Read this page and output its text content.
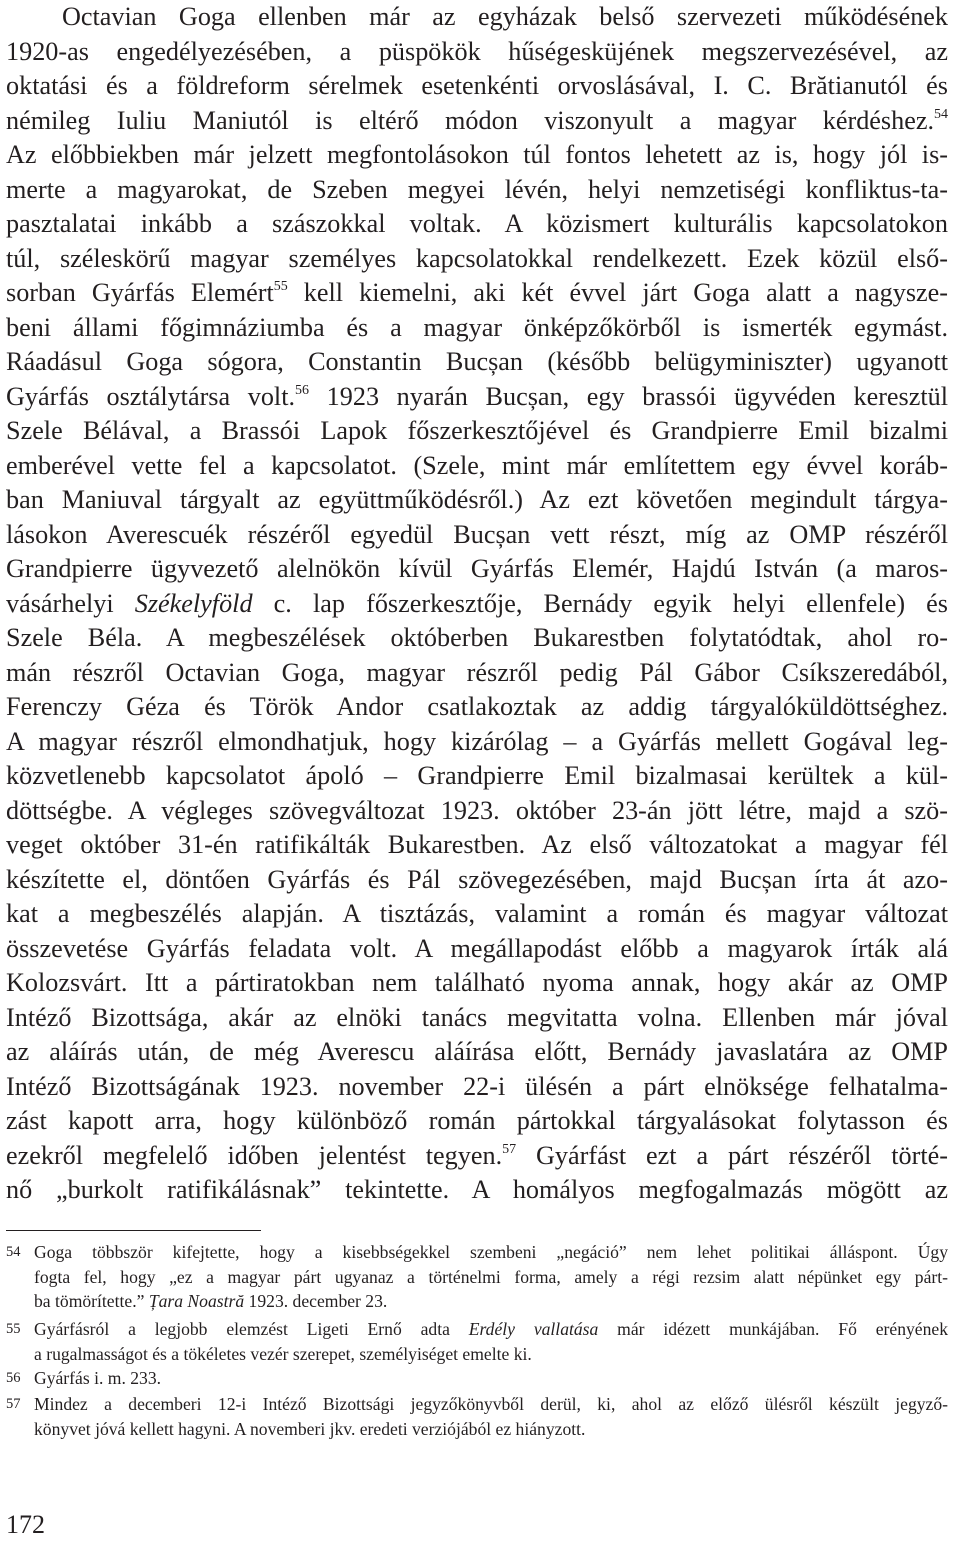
Octavian Goga ellenben már az egyházak belső szervezeti működésének
1920-as engedélyezésében, a püspökök hűségesküjének megszervezésével, az
oktatási és a földreform sérelmek esetenkénti orvoslásával, I. C. Brătianutól és
némileg Iuliu Maniutól is eltérő módon viszonyult a magyar kérdéshez.$^{54}$
Az előbbiekben már jelzett megfontolásokon túl fontos lehetett az is, hogy jól is-
merte a magyarokat, de Szeben megyei lévén, helyi nemzetiségi konfliktus-ta-
pasztalatai inkább a szászokkal voltak. A közismert kulturális kapcsolatokon
túl, széleskörű magyar személyes kapcsolatokkal rendelkezett. Ezek közül első-
sorban Gyárfás Elemért$^{55}$ kell kiemelni, aki két évvel járt Goga alatt a nagysze-
beni állami főgimnáziumba és a magyar önképzőkörből is ismerték egymást.
Ráadásul Goga sógora, Constantin Bucșan (később belügyminiszter) ugyanott
Gyárfás osztálytársa volt.$^{56}$ 1923 nyarán Bucșan, egy brassói ügyvéden keresztül
Szele Bélával, a Brassói Lapok főszerkesztőjével és Grandpierre Emil bizalmi
emberével vette fel a kapcsolatot. (Szele, mint már említettem egy évvel koráb-
ban Maniuval tárgyalt az együttműködésről.) Az ezt követően megindult tárgya-
lásokon Averescuék részéről egyedül Bucșan vett részt, míg az OMP részéről
Grandpierre ügyvezető alelnökön kívül Gyárfás Elemér, Hajdú István (a maros-
vásárhelyi Székelyföld c. lap főszerkesztője, Bernády egyik helyi ellenfele) és
Szele Béla. A megbeszélések októberben Bukarestben folytatódtak, ahol ro-
mán részről Octavian Goga, magyar részről pedig Pál Gábor Csíkszeredából,
Ferenczy Géza és Török Andor csatlakoztak az addig tárgyalóküldöttséghez.
A magyar részről elmondhatjuk, hogy kizárólag – a Gyárfás mellett Gogával leg-
közvetlenebb kapcsolatot ápoló – Grandpierre Emil bizalmasai kerültek a kül-
döttségbe. A végleges szövegváltozat 1923. október 23-án jött létre, majd a szö-
veget október 31-én ratifikálták Bukarestben. Az első változatokat a magyar fél
készítette el, döntően Gyárfás és Pál szövegezésében, majd Bucșan írta át azo-
kat a megbeszélés alapján. A tisztázás, valamint a román és magyar változat
összevetése Gyárfás feladata volt. A megállapodást előbb a magyarok írták alá
Kolozsvárt. Itt a pártiratokban nem található nyoma annak, hogy akár az OMP
Intéző Bizottsága, akár az elnöki tanács megvitatta volna. Ellenben már jóval
az aláírás után, de még Averescu aláírása előtt, Bernády javaslatára az OMP
Intéző Bizottságának 1923. november 22-i ülésén a párt elnöksége felhatalma-
zást kapott arra, hogy különböző román pártokkal tárgyalásokat folytasson és
ezekről megfelelő időben jelentést tegyen.$^{57}$ Gyárfást ezt a párt részéről törté-
nő „burkolt ratifikálásnak” tekintette. A homályos megfogalmazás mögött az
54 Goga többször kifejtette, hogy a kisebbségekkel szembeni „negáció” nem lehet politikai álláspont. Úgy
fogta fel, hogy „ez a magyar párt ugyanaz a történelmi forma, amely a régi rezsim alatt népünket egy párt-
ba tömörítette.” Țara Noastră 1923. december 23.
55 Gyárfásról a legjobb elemzést Ligeti Ernő adta Erdély vallatása már idézett munkájában. Fő erényének
a rugalmasságot és a tökéletes vezér szerepet, személyiséget emelte ki.
56 Gyárfás i. m. 233.
57 Mindez a decemberi 12-i Intéző Bizottsági jegyzőkönyvből derül, ki, ahol az előző ülésről készült jegyző-
könyvet jóvá kellett hagyni. A novemberi jkv. eredeti verziójából ez hiányzott.
172
